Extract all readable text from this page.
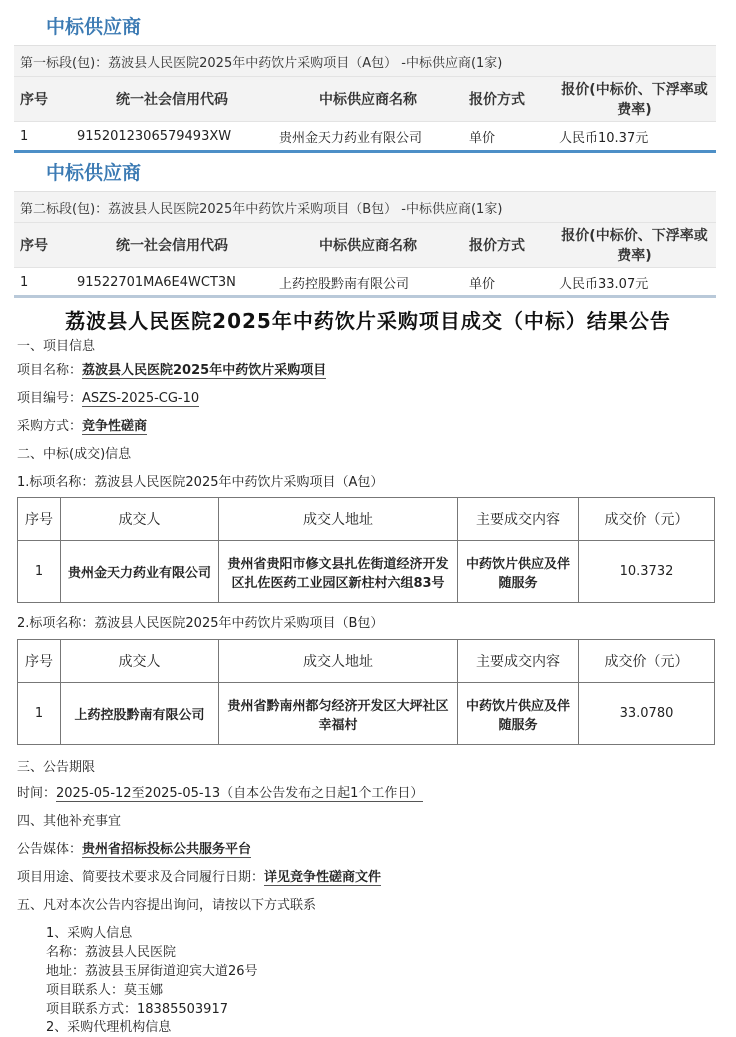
中标供应商
第一标段(包)：荔波县人民医院2025年中药饮片采购项目（A包） -中标供应商(1家)				
序号	统一社会信用代码	中标供应商名称	报价方式	报价(中标价、下浮率或费率)
1	9152012306579493XW	贵州金天力药业有限公司	单价	人民币10.37元
中标供应商
第二标段(包)：荔波县人民医院2025年中药饮片采购项目（B包） -中标供应商(1家)				
序号	统一社会信用代码	中标供应商名称	报价方式	报价(中标价、下浮率或费率)
1	91522701MA6E4WCT3N	上药控股黔南有限公司	单价	人民币33.07元
荔波县人民医院2025年中药饮片采购项目成交（中标）结果公告
一、项目信息
项目名称：荔波县人民医院2025年中药饮片采购项目
项目编号：ASZS-2025-CG-10
采购方式：竞争性磋商
二、中标(成交)信息
1.标项名称：荔波县人民医院2025年中药饮片采购项目（A包）
序号	成交人	成交人地址	主要成交内容	成交价（元）
1	贵州金天力药业有限公司	贵州省贵阳市修文县扎佐街道经济开发区扎佐医药工业园区新柱村六组83号	中药饮片供应及伴随服务	10.3732
2.标项名称：荔波县人民医院2025年中药饮片采购项目（B包）
序号	成交人	成交人地址	主要成交内容	成交价（元）
1	上药控股黔南有限公司	贵州省黔南州都匀经济开发区大坪社区幸福村	中药饮片供应及伴随服务	33.0780
三、公告期限
时间：2025-05-12至2025-05-13（自本公告发布之日起1个工作日）
四、其他补充事宜
公告媒体：贵州省招标投标公共服务平台
项目用途、简要技术要求及合同履行日期：详见竞争性磋商文件
五、凡对本次公告内容提出询问，请按以下方式联系
1、采购人信息
名称：荔波县人民医院
地址：荔波县玉屏街道迎宾大道26号
项目联系人：莫玉娜
项目联系方式：18385503917
2、采购代理机构信息
